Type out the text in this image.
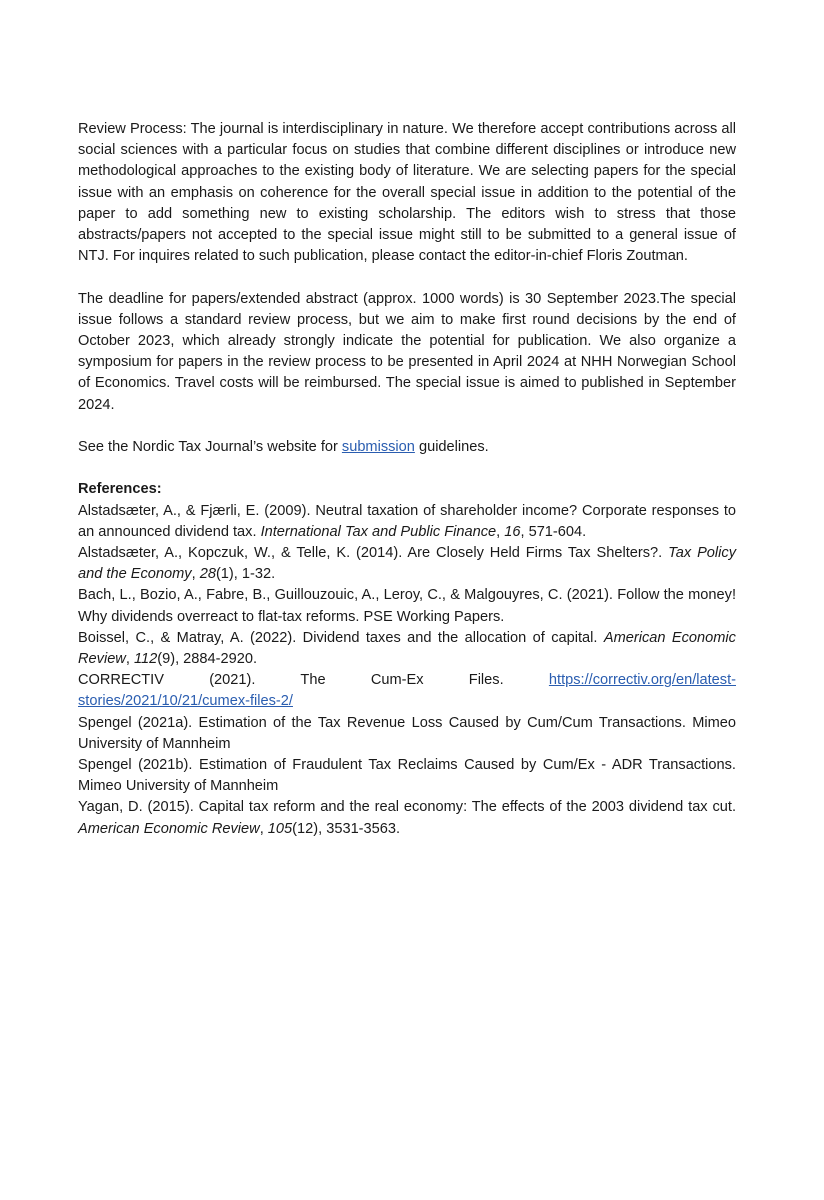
Review Process: The journal is interdisciplinary in nature. We therefore accept contributions across all social sciences with a particular focus on studies that combine different disciplines or introduce new methodological approaches to the existing body of literature. We are selecting papers for the special issue with an emphasis on coherence for the overall special issue in addition to the potential of the paper to add something new to existing scholarship. The editors wish to stress that those abstracts/papers not accepted to the special issue might still to be submitted to a general issue of NTJ. For inquires related to such publication, please contact the editor-in-chief Floris Zoutman.

The deadline for papers/extended abstract (approx. 1000 words) is 30 September 2023.The special issue follows a standard review process, but we aim to make first round decisions by the end of October 2023, which already strongly indicate the potential for publication. We also organize a symposium for papers in the review process to be presented in April 2024 at NHH Norwegian School of Economics. Travel costs will be reimbursed. The special issue is aimed to published in September 2024.

See the Nordic Tax Journal’s website for submission guidelines.

References:

Alstadsæter, A., & Fjærli, E. (2009). Neutral taxation of shareholder income? Corporate responses to an announced dividend tax. International Tax and Public Finance, 16, 571-604.

Alstadsæter, A., Kopczuk, W., & Telle, K. (2014). Are Closely Held Firms Tax Shelters?. Tax Policy and the Economy, 28(1), 1-32.

Bach, L., Bozio, A., Fabre, B., Guillouzouic, A., Leroy, C., & Malgouyres, C. (2021). Follow the money! Why dividends overreact to flat-tax reforms. PSE Working Papers.

Boissel, C., & Matray, A. (2022). Dividend taxes and the allocation of capital. American Economic Review, 112(9), 2884-2920.

CORRECTIV (2021). The Cum-Ex Files. https://correctiv.org/en/latest-

stories/2021/10/21/cumex-files-2/

Spengel (2021a). Estimation of the Tax Revenue Loss Caused by Cum/Cum Transactions. Mimeo University of Mannheim

Spengel (2021b). Estimation of Fraudulent Tax Reclaims Caused by Cum/Ex - ADR Transactions. Mimeo University of Mannheim

Yagan, D. (2015). Capital tax reform and the real economy: The effects of the 2003 dividend tax cut. American Economic Review, 105(12), 3531-3563.
